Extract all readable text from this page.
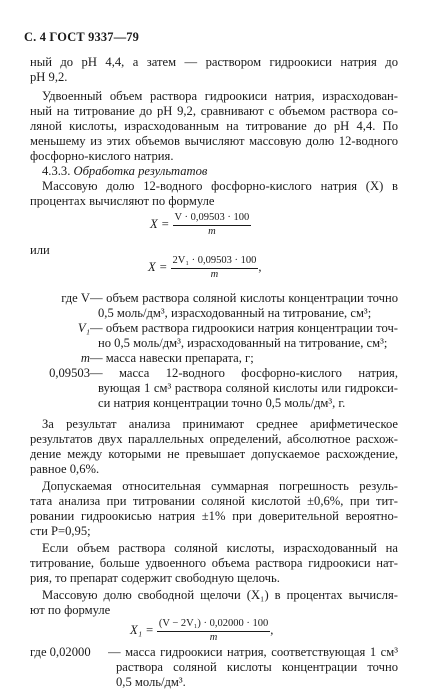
С. 4 ГОСТ 9337—79
ный до рН 4,4, а затем — раствором гидроокиси натрия до
рН 9,2.
Удвоенный объем раствора гидроокиси натрия, израсходован-
ный на титрование до рН 9,2, сравнивают с объемом раствора со-
ляной кислоты, израсходованным на титрование до рН 4,4. По
меньшему из этих объемов вычисляют массовую долю 12-водного
фосфорно-кислого натрия.
4.3.3. Обработка результатов
Массовую долю 12-водного фосфорно-кислого натрия (X) в
процентах вычисляют по формуле
$X = \frac{V \cdot 0,09503 \cdot 100}{m}$
или
$X = \frac{\text{2V₁ · 0,09503 · 100}}{m}$ ,
где V — объем раствора соляной кислоты концентрации точно
0,5 моль/дм³, израсходованный на титрование, см³;
V₁ — объем раствора гидроокиси натрия концентрации точ-
но 0,5 моль/дм³, израсходованный на титрование, см³;
m — масса навески препарата, г;
0,09503 — масса 12-водного фосфорно-кислого натрия,
вующая 1 см³ раствора соляной кислоты или гидрокси-
си натрия концентрации точно 0,5 моль/дм³, г.
За результат анализа принимают среднее арифметическое
результатов двух параллельных определений, абсолютное расхож-
дение между которыми не превышает допускаемое расхождение,
равное 0,6%.
Допускаемая относительная суммарная погрешность резуль-
тата анализа при титровании соляной кислотой ±0,6%, при тит-
ровании гидроокисью натрия ±1% при доверительной вероятно-
сти Р=0,95;
Если объем раствора соляной кислоты, израсходованный на
титрование, больше удвоенного объема раствора гидроокиси нат-
рия, то препарат содержит свободную щелочь.
Массовую долю свободной щелочи (X₁) в процентах вычисля-
ют по формуле
$X_1 = \frac{\text{(V − 2V₁) · 0,02000 · 100}}{m}$ ,
где 0,02000 — масса гидроокиси натрия, соответствующая 1 см³
раствора соляной кислоты концентрации точно
0,5 моль/дм³.
